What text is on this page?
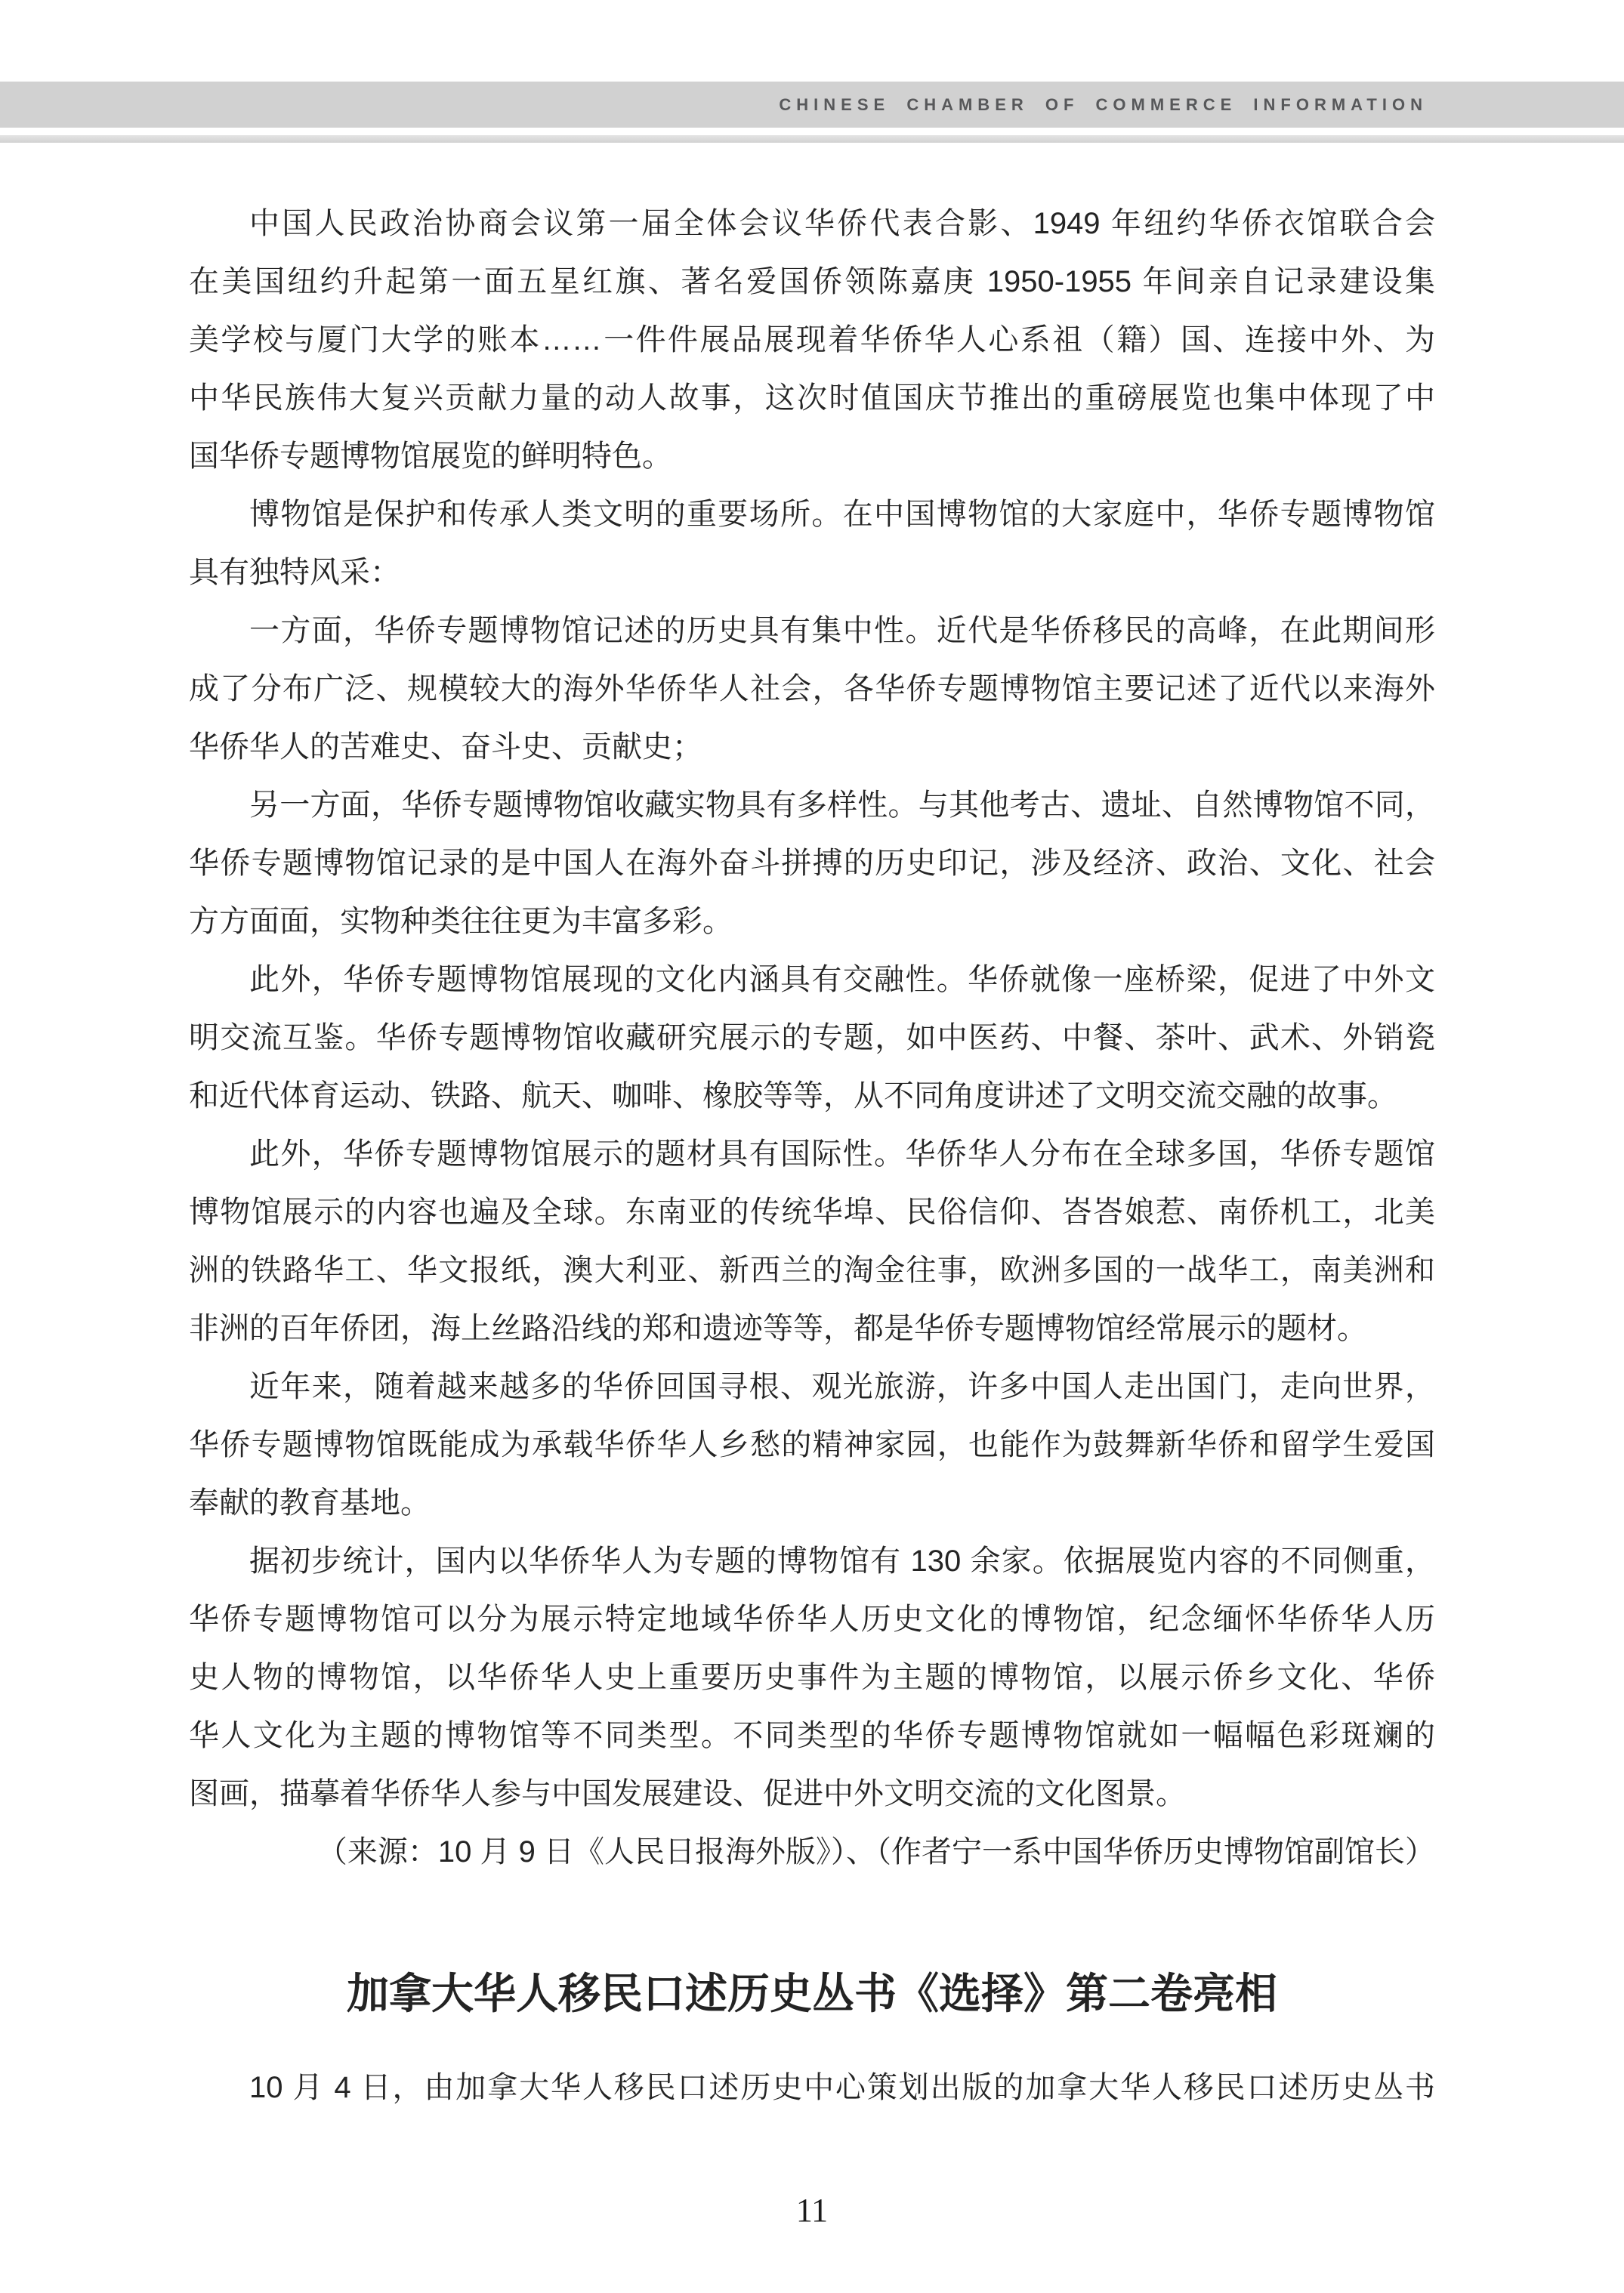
CHINESE CHAMBER OF COMMERCE INFORMATION
中国人民政治协商会议第一届全体会议华侨代表合影、1949 年纽约华侨衣馆联合会
在美国纽约升起第一面五星红旗、著名爱国侨领陈嘉庚 1950-1955 年间亲自记录建设集
美学校与厦门大学的账本……一件件展品展现着华侨华人心系祖（籍）国、连接中外、为
中华民族伟大复兴贡献力量的动人故事，这次时值国庆节推出的重磅展览也集中体现了中
国华侨专题博物馆展览的鲜明特色。
博物馆是保护和传承人类文明的重要场所。在中国博物馆的大家庭中，华侨专题博物馆
具有独特风采：
一方面，华侨专题博物馆记述的历史具有集中性。近代是华侨移民的高峰，在此期间形
成了分布广泛、规模较大的海外华侨华人社会，各华侨专题博物馆主要记述了近代以来海外
华侨华人的苦难史、奋斗史、贡献史；
另一方面，华侨专题博物馆收藏实物具有多样性。与其他考古、遗址、自然博物馆不同，
华侨专题博物馆记录的是中国人在海外奋斗拼搏的历史印记，涉及经济、政治、文化、社会
方方面面，实物种类往往更为丰富多彩。
此外，华侨专题博物馆展现的文化内涵具有交融性。华侨就像一座桥梁，促进了中外文
明交流互鉴。华侨专题博物馆收藏研究展示的专题，如中医药、中餐、茶叶、武术、外销瓷
和近代体育运动、铁路、航天、咖啡、橡胶等等，从不同角度讲述了文明交流交融的故事。
此外，华侨专题博物馆展示的题材具有国际性。华侨华人分布在全球多国，华侨专题馆
博物馆展示的内容也遍及全球。东南亚的传统华埠、民俗信仰、峇峇娘惹、南侨机工，北美
洲的铁路华工、华文报纸，澳大利亚、新西兰的淘金往事，欧洲多国的一战华工，南美洲和
非洲的百年侨团，海上丝路沿线的郑和遗迹等等，都是华侨专题博物馆经常展示的题材。
近年来，随着越来越多的华侨回国寻根、观光旅游，许多中国人走出国门，走向世界，
华侨专题博物馆既能成为承载华侨华人乡愁的精神家园，也能作为鼓舞新华侨和留学生爱国
奉献的教育基地。
据初步统计，国内以华侨华人为专题的博物馆有 130 余家。依据展览内容的不同侧重，
华侨专题博物馆可以分为展示特定地域华侨华人历史文化的博物馆，纪念缅怀华侨华人历
史人物的博物馆，以华侨华人史上重要历史事件为主题的博物馆，以展示侨乡文化、华侨
华人文化为主题的博物馆等不同类型。不同类型的华侨专题博物馆就如一幅幅色彩斑斓的
图画，描摹着华侨华人参与中国发展建设、促进中外文明交流的文化图景。
（来源：10 月 9 日《人民日报海外版》）、（作者宁一系中国华侨历史博物馆副馆长）
加拿大华人移民口述历史丛书《选择》第二卷亮相
10 月 4 日，由加拿大华人移民口述历史中心策划出版的加拿大华人移民口述历史丛书
11
